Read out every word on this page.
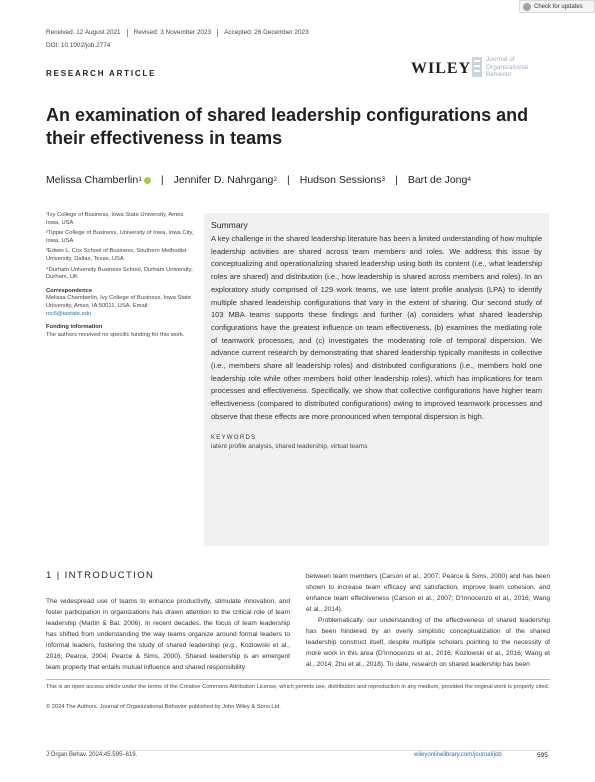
Check for updates
Received: 12 August 2021 Revised: 3 November 2023 Accepted: 26 December 2023
DOI: 10.1002/job.2774
RESEARCH ARTICLE	WILEY
Journal of
Organizational
Behavior
An examination of shared leadership configurations and their effectiveness in teams
Melissa Chamberlin 1 | Jennifer D. Nahrgang 2 | Hudson Sessions 3 | Bart de Jong 4
¹Ivy College of Business, Iowa State University, Ames, Iowa, USA
²Tippie College of Business, University of Iowa, Iowa City, Iowa, USA
³Edwin L. Cox School of Business, Southern Methodist University, Dallas, Texas, USA
⁴Durham University Business School, Durham University, Durham, UK
Correspondence
Melissa Chamberlin, Ivy College of Business, Iowa State University, Ames, IA 50011, USA. Email: mc6@iastate.edu
Funding information
The authors received no specific funding for this work.
Summary
A key challenge in the shared leadership literature has been a limited understanding of how multiple leadership activities are shared across team members and roles. We address this issue by conceptualizing and operationalizing shared leadership using both its content (i.e., what leadership roles are shared) and distribution (i.e., how leadership is shared across members and roles). In an exploratory study comprised of 129 work teams, we use latent profile analysis (LPA) to identify multiple shared leadership configurations that vary in the extent of sharing. Our second study of 103 MBA teams supports these findings and further (a) considers what shared leadership configurations have the greatest influence on team effectiveness, (b) examines the mediating role of teamwork processes, and (c) investigates the moderating role of temporal dispersion. We advance current research by demonstrating that shared leadership typically manifests in collective (i.e., members share all leadership roles) and distributed configurations (i.e., members hold one leadership role while other members hold other leadership roles), which has implications for team processes and effectiveness. Specifically, we show that collective configurations have higher team effectiveness (compared to distributed configurations) owing to improved teamwork processes and observe that these effects are more pronounced when temporal dispersion is high.
KEYWORDS
latent profile analysis, shared leadership, virtual teams
1 | INTRODUCTION

The widespread use of teams to enhance productivity, stimulate innovation, and foster participation in organizations has drawn attention to the critical role of team leadership (Martin & Bal, 2006). In recent decades, the focus of team leadership has shifted from understanding the way teams organize around formal leaders to informal leaders, fostering the study of shared leadership (e.g., Kozlowski et al., 2016; Pearce, 2004; Pearce & Sims, 2000). Shared leadership is an emergent team property that entails mutual influence and shared responsibility

between team members (Carson et al., 2007; Pearce & Sims, 2000) and has been shown to increase team efficacy and satisfaction, improve team cohesion, and enhance team effectiveness (Carson et al., 2007; D'Innocenzo et al., 2016; Wang et al., 2014).

Problematically, our understanding of the effectiveness of shared leadership has been hindered by an overly simplistic conceptualization of the shared leadership construct itself, despite multiple scholars pointing to the necessity of more work in this area (D'Innocenzo et al., 2016; Kozlowski et al., 2016; Wang et al., 2014; Zhu et al., 2018). To date, research on shared leadership has been

This is an open access article under the terms of the Creative Commons Attribution License, which permits use, distribution and reproduction in any medium, provided the original work is properly cited.
© 2024 The Authors. Journal of Organizational Behavior published by John Wiley & Sons Ltd.
J Organ Behav. 2024;45:595–619.	wileyonlinelibrary.com/journal/job	595
